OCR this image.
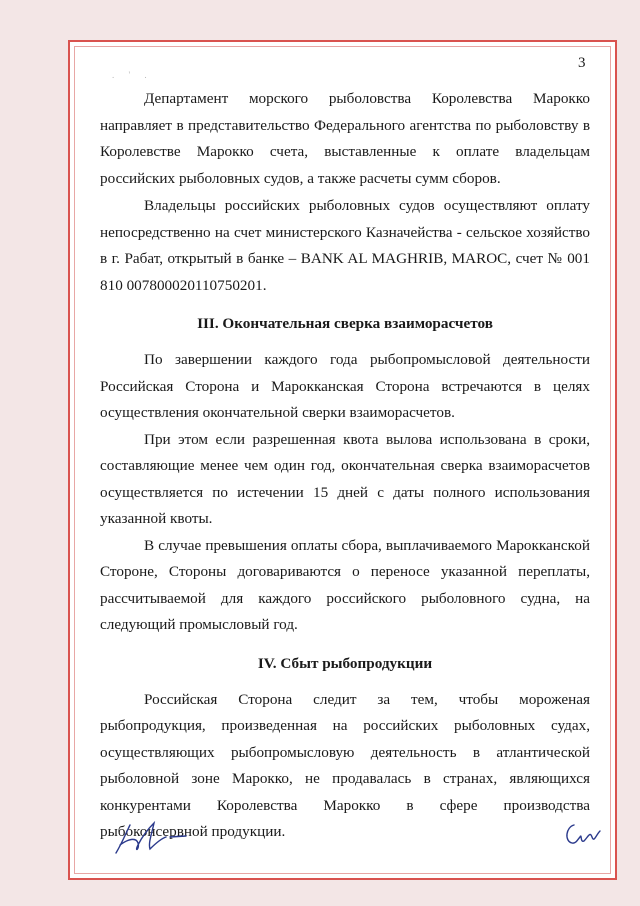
. ' .
3

Департамент морского рыболовства Королевства Марокко направляет в представительство Федерального агентства по рыболовству в Королевстве Марокко счета, выставленные к оплате владельцам российских рыболовных судов, а также расчеты сумм сборов.

Владельцы российских рыболовных судов осуществляют оплату непосредственно на счет министерского Казначейства - сельское хозяйство в г. Рабат, открытый в банке – BANK AL MAGHRIB, MAROC, счет № 001 810 007800020110750201.

III. Окончательная сверка взаиморасчетов

По завершении каждого года рыбопромысловой деятельности Российская Сторона и Марокканская Сторона встречаются в целях осуществления окончательной сверки взаиморасчетов.

При этом если разрешенная квота вылова использована в сроки, составляющие менее чем один год, окончательная сверка взаиморасчетов осуществляется по истечении 15 дней с даты полного использования указанной квоты.

В случае превышения оплаты сбора, выплачиваемого Марокканской Стороне, Стороны договариваются о переносе указанной переплаты, рассчитываемой для каждого российского рыболовного судна, на следующий промысловый год.

IV. Сбыт рыбопродукции

Российская Сторона следит за тем, чтобы мороженая рыбопродукция, произведенная на российских рыболовных судах, осуществляющих рыбопромысловую деятельность в атлантической рыболовной зоне Марокко, не продавалась в странах, являющихся конкурентами Королевства Марокко в сфере производства рыбоконсервной продукции.
